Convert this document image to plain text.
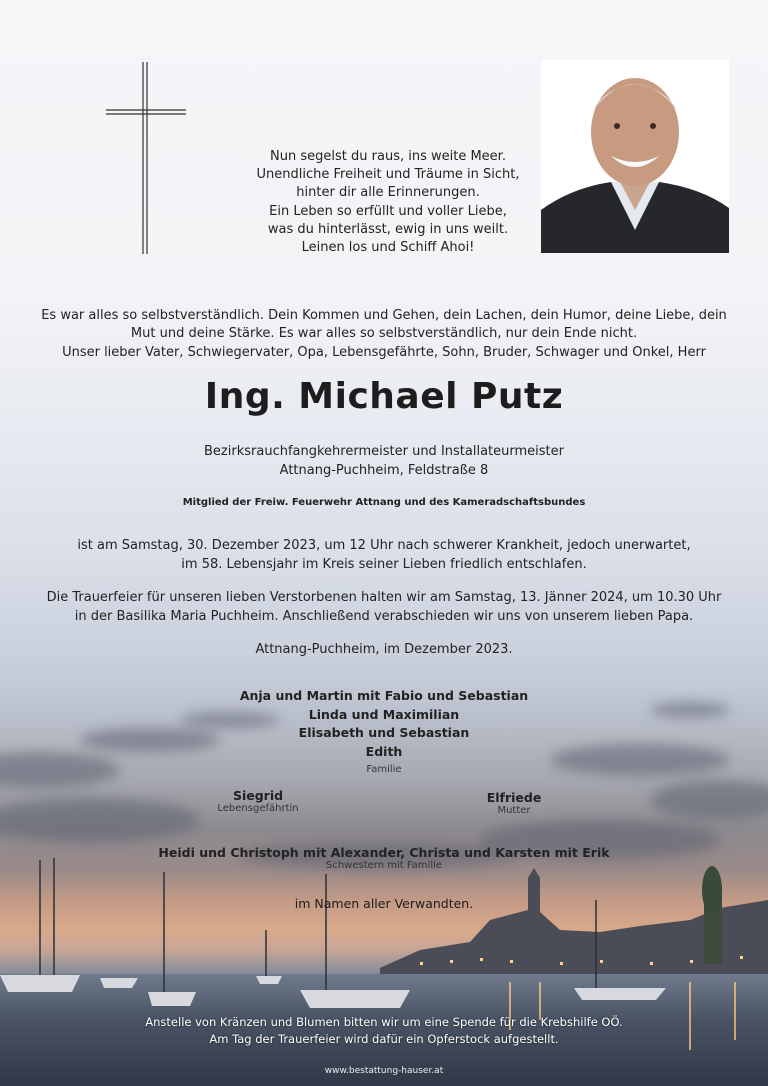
Nun segelst du raus, ins weite Meer.
Unendliche Freiheit und Träume in Sicht,
hinter dir alle Erinnerungen.
Ein Leben so erfüllt und voller Liebe,
was du hinterlässt, ewig in uns weilt.
Leinen los und Schiff Ahoi!
Es war alles so selbstverständlich. Dein Kommen und Gehen, dein Lachen, dein Humor, deine Liebe, dein
Mut und deine Stärke. Es war alles so selbstverständlich, nur dein Ende nicht.
Unser lieber Vater, Schwiegervater, Opa, Lebensgefährte, Sohn, Bruder, Schwager und Onkel, Herr
Ing. Michael Putz
Bezirksrauchfangkehrermeister und Installateurmeister
Attnang-Puchheim, Feldstraße 8
Mitglied der Freiw. Feuerwehr Attnang und des Kameradschaftsbundes
ist am Samstag, 30. Dezember 2023, um 12 Uhr nach schwerer Krankheit, jedoch unerwartet,
im 58. Lebensjahr im Kreis seiner Lieben friedlich entschlafen.
Die Trauerfeier für unseren lieben Verstorbenen halten wir am Samstag, 13. Jänner 2024, um 10.30 Uhr
in der Basilika Maria Puchheim. Anschließend verabschieden wir uns von unserem lieben Papa.
Attnang-Puchheim, im Dezember 2023.
Anja und Martin mit Fabio und Sebastian
Linda und Maximilian
Elisabeth und Sebastian
Edith
Familie
Siegrid
Lebensgefährtin
Elfriede
Mutter
Heidi und Christoph mit Alexander, Christa und Karsten mit Erik
Schwestern mit Familie
im Namen aller Verwandten.
Anstelle von Kränzen und Blumen bitten wir um eine Spende für die Krebshilfe OÖ.
Am Tag der Trauerfeier wird dafür ein Opferstock aufgestellt.
www.bestattung-hauser.at
